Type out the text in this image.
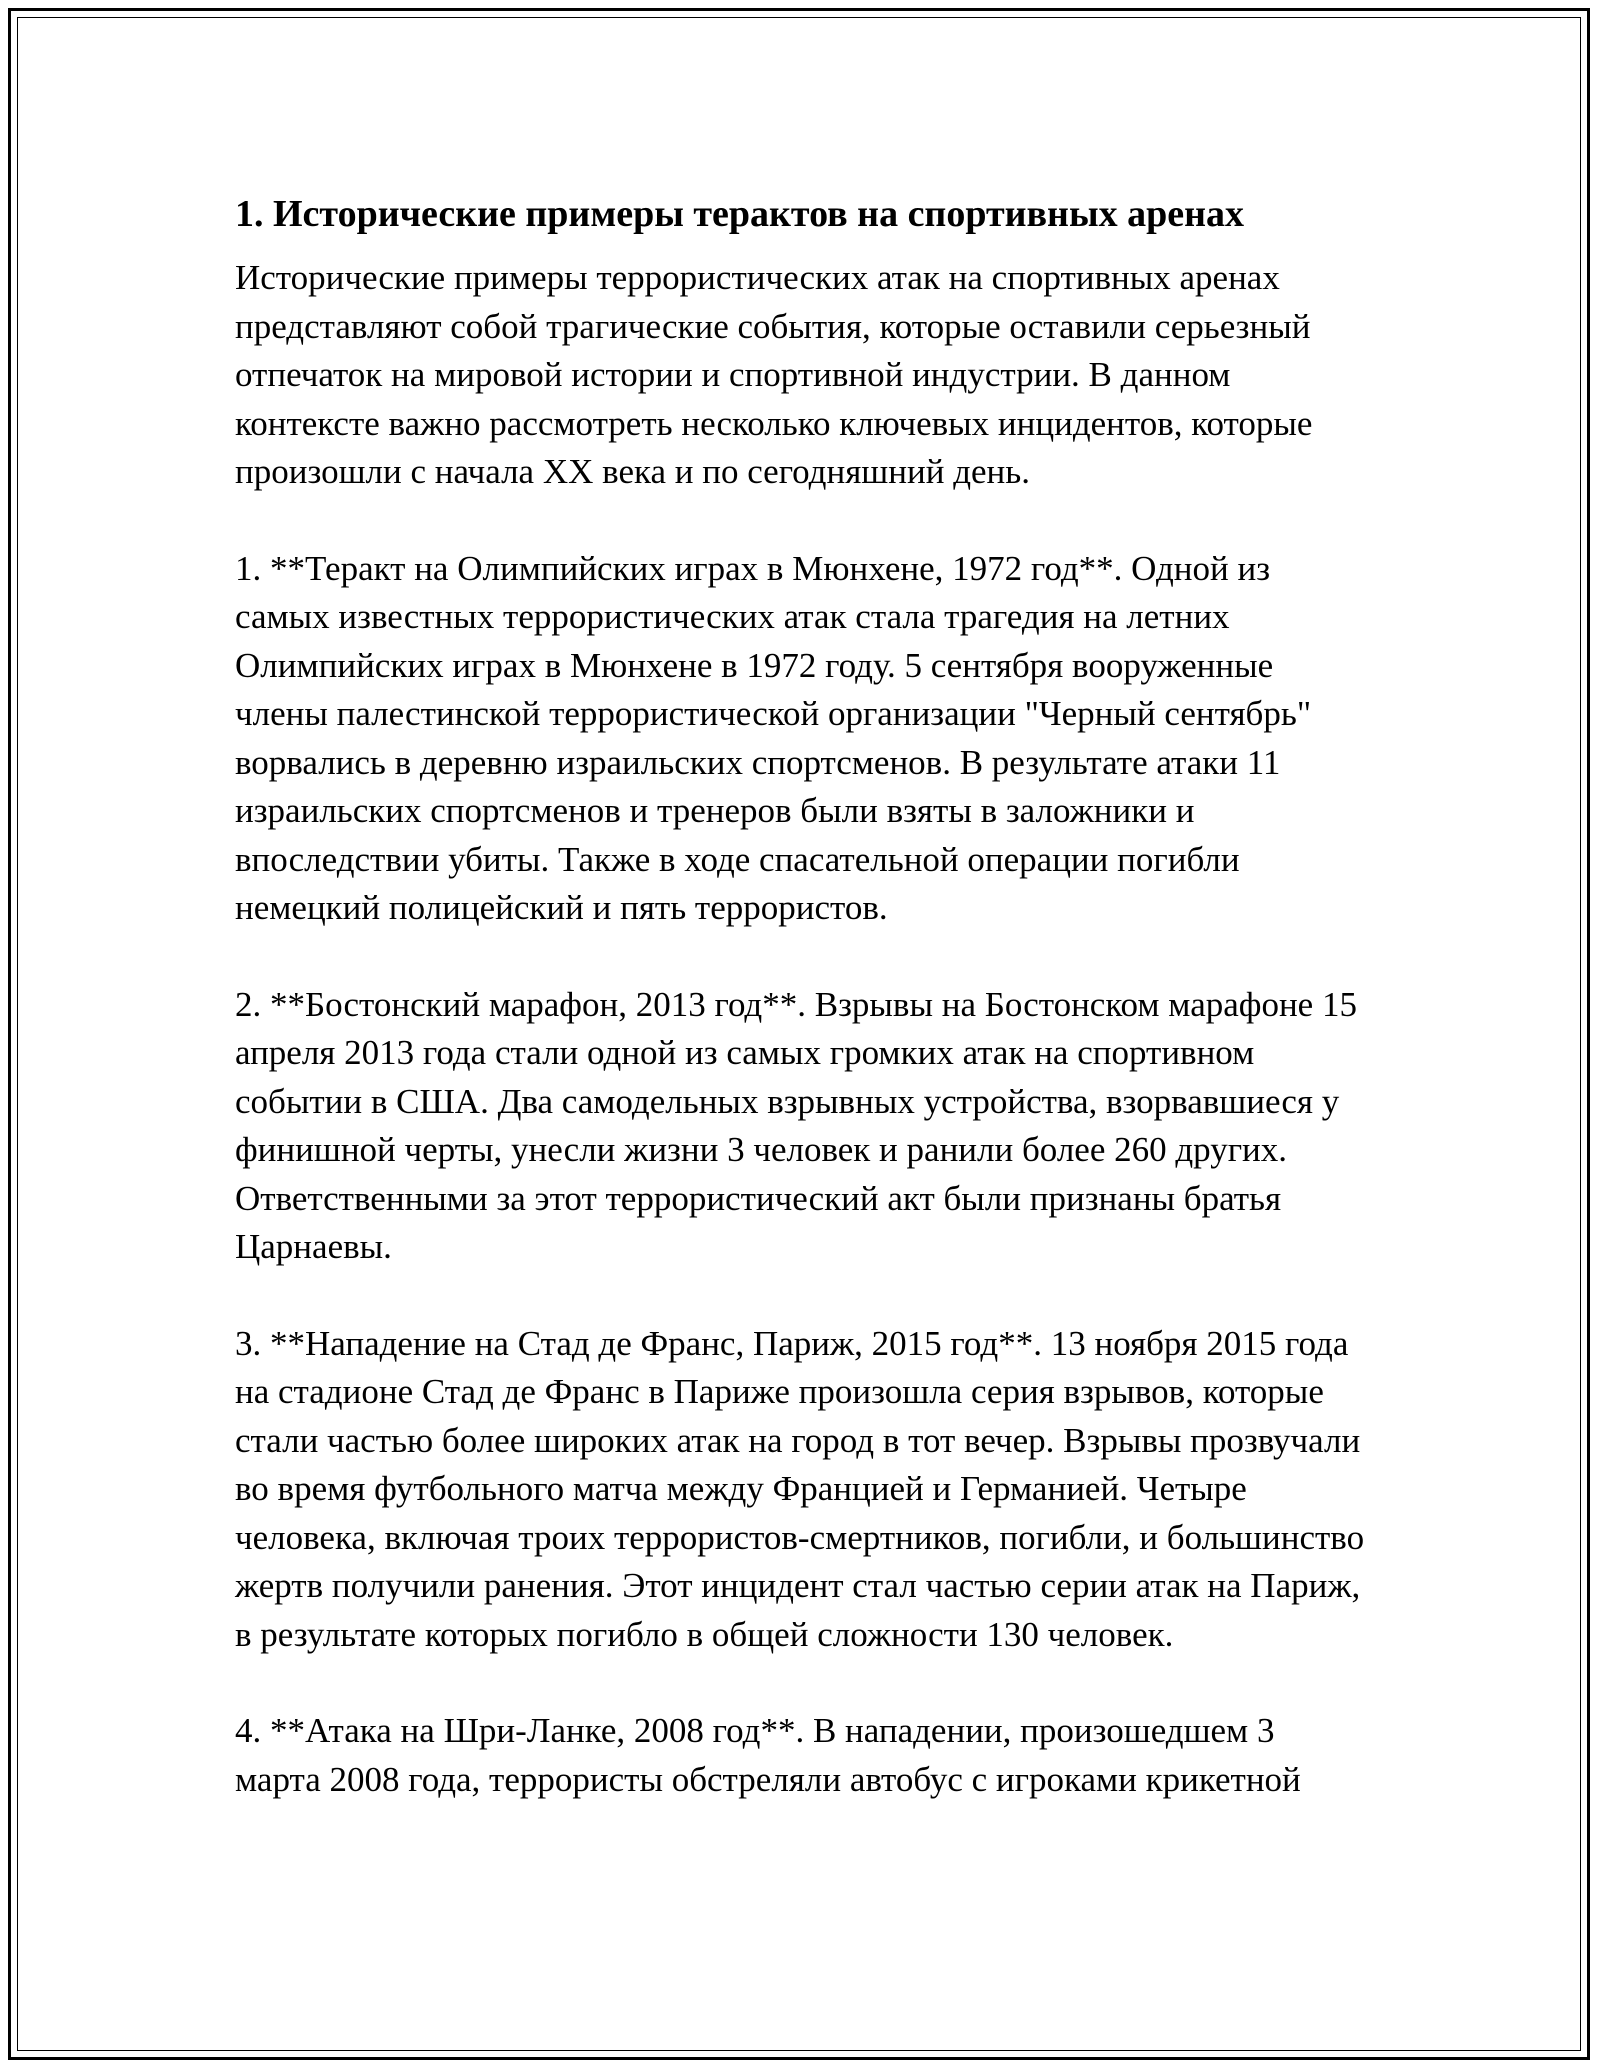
1. Исторические примеры терактов на спортивных аренах

Исторические примеры террористических атак на спортивных аренах представляют собой трагические события, которые оставили серьезный отпечаток на мировой истории и спортивной индустрии. В данном контексте важно рассмотреть несколько ключевых инцидентов, которые произошли с начала XX века и по сегодняшний день.

1. **Теракт на Олимпийских играх в Мюнхене, 1972 год**. Одной из самых известных террористических атак стала трагедия на летних Олимпийских играх в Мюнхене в 1972 году. 5 сентября вооруженные члены палестинской террористической организации "Черный сентябрь" ворвались в деревню израильских спортсменов. В результате атаки 11 израильских спортсменов и тренеров были взяты в заложники и впоследствии убиты. Также в ходе спасательной операции погибли немецкий полицейский и пять террористов.

2. **Бостонский марафон, 2013 год**. Взрывы на Бостонском марафоне 15 апреля 2013 года стали одной из самых громких атак на спортивном событии в США. Два самодельных взрывных устройства, взорвавшиеся у финишной черты, унесли жизни 3 человек и ранили более 260 других. Ответственными за этот террористический акт были признаны братья Царнаевы.

3. **Нападение на Стад де Франс, Париж, 2015 год**. 13 ноября 2015 года на стадионе Стад де Франс в Париже произошла серия взрывов, которые стали частью более широких атак на город в тот вечер. Взрывы прозвучали во время футбольного матча между Францией и Германией. Четыре человека, включая троих террористов-смертников, погибли, и большинство жертв получили ранения. Этот инцидент стал частью серии атак на Париж, в результате которых погибло в общей сложности 130 человек.

4. **Атака на Шри-Ланке, 2008 год**. В нападении, произошедшем 3 марта 2008 года, террористы обстреляли автобус с игроками крикетной
